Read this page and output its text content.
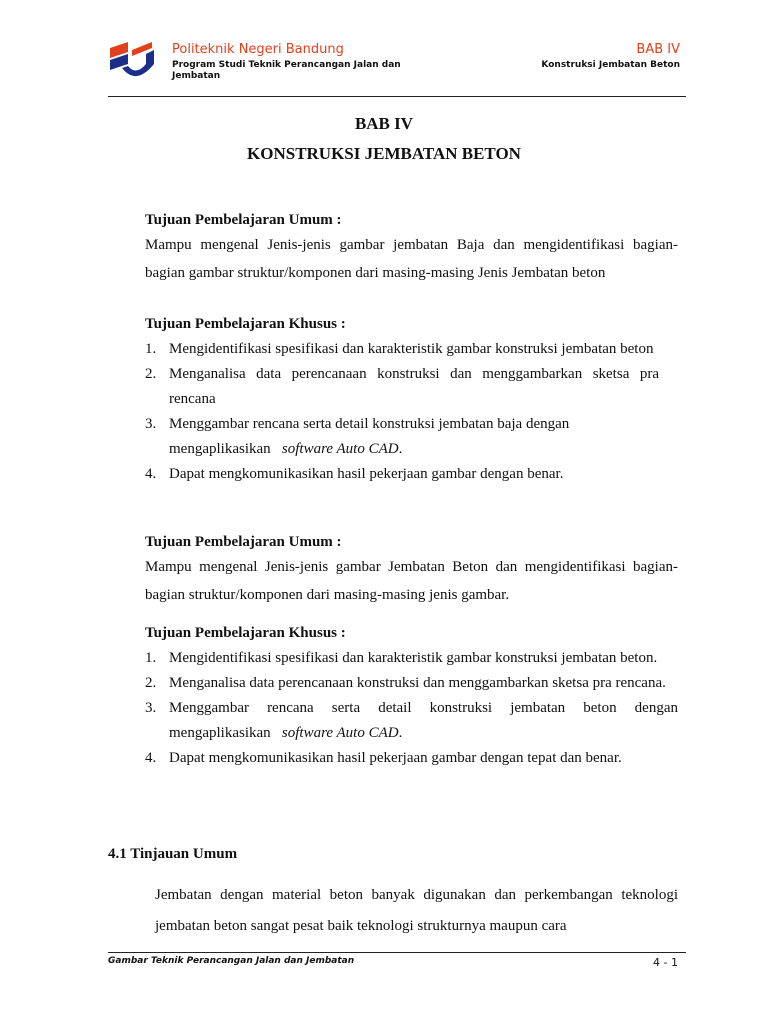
Politeknik Negeri Bandung
Program Studi Teknik Perancangan Jalan dan Jembatan
BAB IV
Konstruksi Jembatan Beton
BAB IV
KONSTRUKSI JEMBATAN BETON
Tujuan Pembelajaran Umum :
Mampu mengenal Jenis-jenis gambar jembatan Baja dan mengidentifikasi bagian-bagian gambar struktur/komponen dari masing-masing Jenis Jembatan beton
Tujuan Pembelajaran Khusus :
1. Mengidentifikasi spesifikasi dan karakteristik gambar konstruksi jembatan beton
2. Menganalisa data perencanaan konstruksi dan menggambarkan sketsa pra rencana
3. Menggambar rencana serta detail konstruksi jembatan baja dengan mengaplikasikan software Auto CAD.
4. Dapat mengkomunikasikan hasil pekerjaan gambar dengan benar.
Tujuan Pembelajaran Umum :
Mampu mengenal Jenis-jenis gambar Jembatan Beton dan mengidentifikasi bagian-bagian struktur/komponen dari masing-masing jenis gambar.
Tujuan Pembelajaran Khusus :
1. Mengidentifikasi spesifikasi dan karakteristik gambar konstruksi jembatan beton.
2. Menganalisa data perencanaan konstruksi dan menggambarkan sketsa pra rencana.
3. Menggambar rencana serta detail konstruksi jembatan beton dengan mengaplikasikan software Auto CAD.
4. Dapat mengkomunikasikan hasil pekerjaan gambar dengan tepat dan benar.
4.1 Tinjauan Umum
Jembatan dengan material beton banyak digunakan dan perkembangan teknologi jembatan beton sangat pesat baik teknologi strukturnya maupun cara
Gambar Teknik Perancangan Jalan dan Jembatan	4 - 1
